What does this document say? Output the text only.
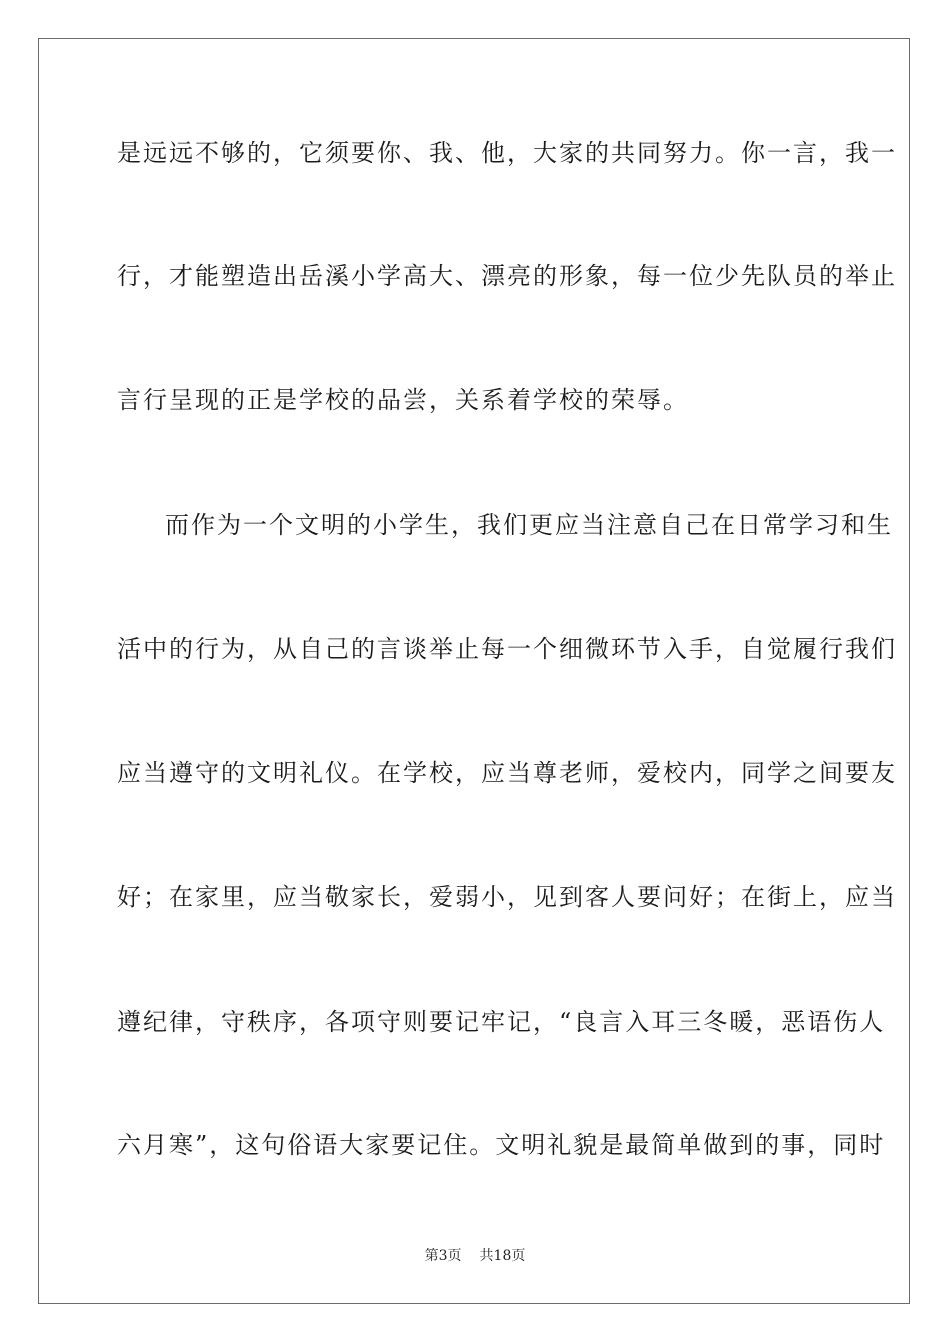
是远远不够的，它须要你、我、他，大家的共同努力。你一言，我一
行，才能塑造出岳溪小学高大、漂亮的形象，每一位少先队员的举止
言行呈现的正是学校的品尝，关系着学校的荣辱。
而作为一个文明的小学生，我们更应当注意自己在日常学习和生
活中的行为，从自己的言谈举止每一个细微环节入手，自觉履行我们
应当遵守的文明礼仪。在学校，应当尊老师，爱校内，同学之间要友
好；在家里，应当敬家长，爱弱小，见到客人要问好；在街上，应当
遵纪律，守秩序，各项守则要记牢记，“良言入耳三冬暖，恶语伤人
六月寒”，这句俗语大家要记住。文明礼貌是最简单做到的事，同时
第3页 共18页
